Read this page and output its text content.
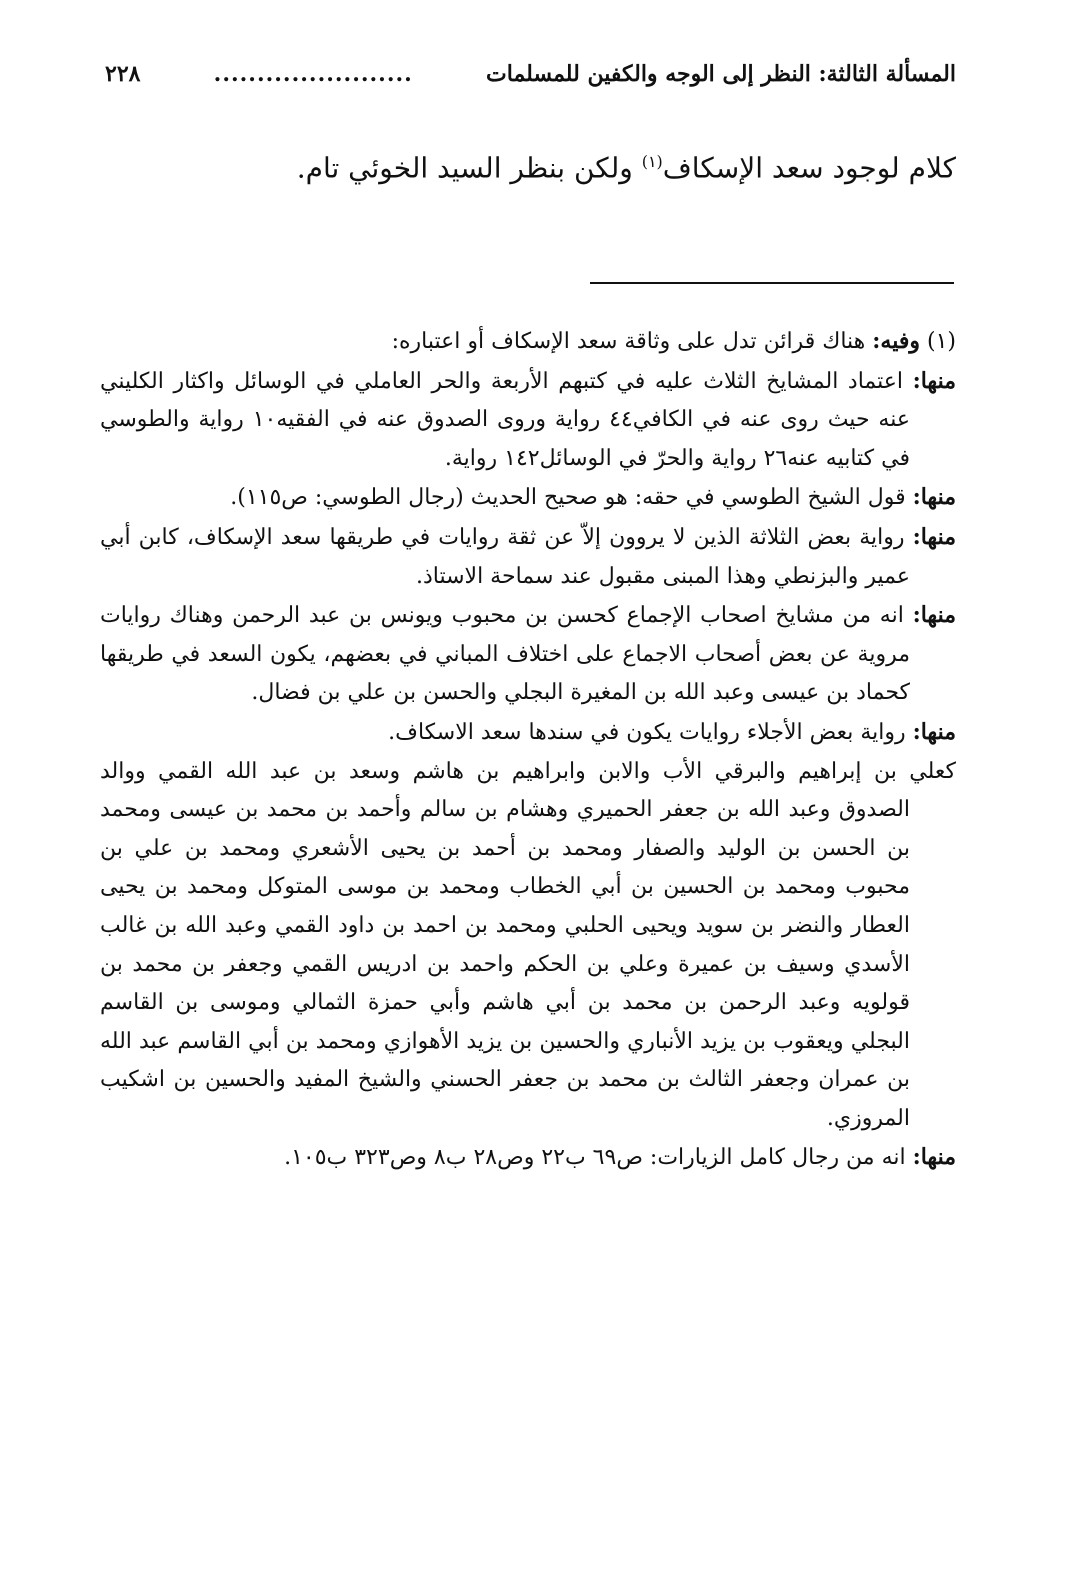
المسألة الثالثة: النظر إلى الوجه والكفين للمسلمات
.......................
٢٢٨
كلام لوجود سعد الإسكاف$^{(١)}$ ولكن بنظر السيد الخوئي تام.

(١) وفيه: هناك قرائن تدل على وثاقة سعد الإسكاف أو اعتباره:

منها: اعتماد المشايخ الثلاث عليه في كتبهم الأربعة والحر العاملي في الوسائل واكثار الكليني عنه حيث روى عنه في الكافي٤٤ رواية وروى الصدوق عنه في الفقيه١٠ رواية والطوسي في كتابيه عنه٢٦ رواية والحرّ في الوسائل١٤٢ رواية.

منها: قول الشيخ الطوسي في حقه: هو صحيح الحديث (رجال الطوسي: ص١١٥).

منها: رواية بعض الثلاثة الذين لا يروون إلاّ عن ثقة روايات في طريقها سعد الإسكاف، كابن أبي عمير والبزنطي وهذا المبنى مقبول عند سماحة الاستاذ.

منها: انه من مشايخ اصحاب الإجماع كحسن بن محبوب ويونس بن عبد الرحمن وهناك روايات مروية عن بعض أصحاب الاجماع على اختلاف المباني في بعضهم، يكون السعد في طريقها كحماد بن عيسى وعبد الله بن المغيرة البجلي والحسن بن علي بن فضال.

منها: رواية بعض الأجلاء روايات يكون في سندها سعد الاسكاف.

كعلي بن إبراهيم والبرقي الأب والابن وابراهيم بن هاشم وسعد بن عبد الله القمي ووالد الصدوق وعبد الله بن جعفر الحميري وهشام بن سالم وأحمد بن محمد بن عيسى ومحمد بن الحسن بن الوليد والصفار ومحمد بن أحمد بن يحيى الأشعري ومحمد بن علي بن محبوب ومحمد بن الحسين بن أبي الخطاب ومحمد بن موسى المتوكل ومحمد بن يحيى العطار والنضر بن سويد ويحيى الحلبي ومحمد بن احمد بن داود القمي وعبد الله بن غالب الأسدي وسيف بن عميرة وعلي بن الحكم واحمد بن ادريس القمي وجعفر بن محمد بن قولويه وعبد الرحمن بن محمد بن أبي هاشم وأبي حمزة الثمالي وموسى بن القاسم البجلي ويعقوب بن يزيد الأنباري والحسين بن يزيد الأهوازي ومحمد بن أبي القاسم عبد الله بن عمران وجعفر الثالث بن محمد بن جعفر الحسني والشيخ المفيد والحسين بن اشكيب المروزي.

منها: انه من رجال كامل الزيارات: ص٦٩ ب٢٢ وص٢٨ ب٨ وص٣٢٣ ب١٠٥.
